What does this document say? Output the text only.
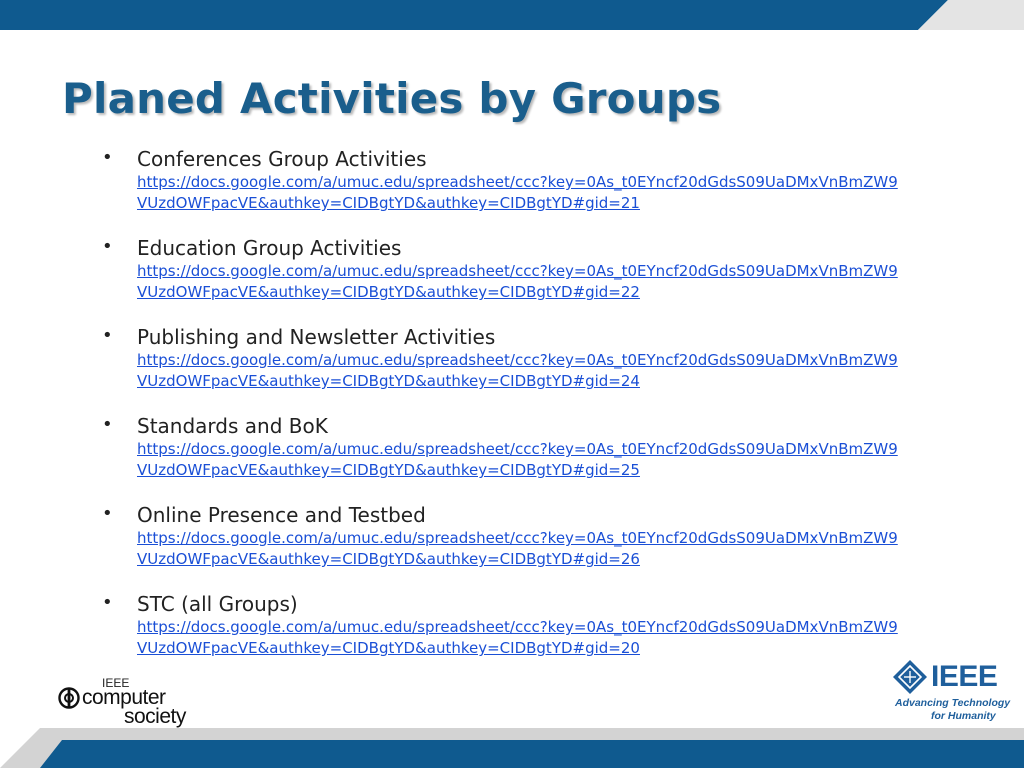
Planed Activities by Groups
• Conferences Group Activities
https://docs.google.com/a/umuc.edu/spreadsheet/ccc?key=0As_t0EYncf20dGdsS09UaDMxVnBmZW9VUzdOWFpacVE&authkey=CIDBgtYD&authkey=CIDBgtYD#gid=21
• Education Group Activities
https://docs.google.com/a/umuc.edu/spreadsheet/ccc?key=0As_t0EYncf20dGdsS09UaDMxVnBmZW9VUzdOWFpacVE&authkey=CIDBgtYD&authkey=CIDBgtYD#gid=22
• Publishing and Newsletter Activities
https://docs.google.com/a/umuc.edu/spreadsheet/ccc?key=0As_t0EYncf20dGdsS09UaDMxVnBmZW9VUzdOWFpacVE&authkey=CIDBgtYD&authkey=CIDBgtYD#gid=24
• Standards and BoK
https://docs.google.com/a/umuc.edu/spreadsheet/ccc?key=0As_t0EYncf20dGdsS09UaDMxVnBmZW9VUzdOWFpacVE&authkey=CIDBgtYD&authkey=CIDBgtYD#gid=25
• Online Presence and Testbed
https://docs.google.com/a/umuc.edu/spreadsheet/ccc?key=0As_t0EYncf20dGdsS09UaDMxVnBmZW9VUzdOWFpacVE&authkey=CIDBgtYD&authkey=CIDBgtYD#gid=26
• STC (all Groups)
https://docs.google.com/a/umuc.edu/spreadsheet/ccc?key=0As_t0EYncf20dGdsS09UaDMxVnBmZW9VUzdOWFpacVE&authkey=CIDBgtYD&authkey=CIDBgtYD#gid=20
IEEE
computer
society
IEEE
Advancing Technology
for Humanity
